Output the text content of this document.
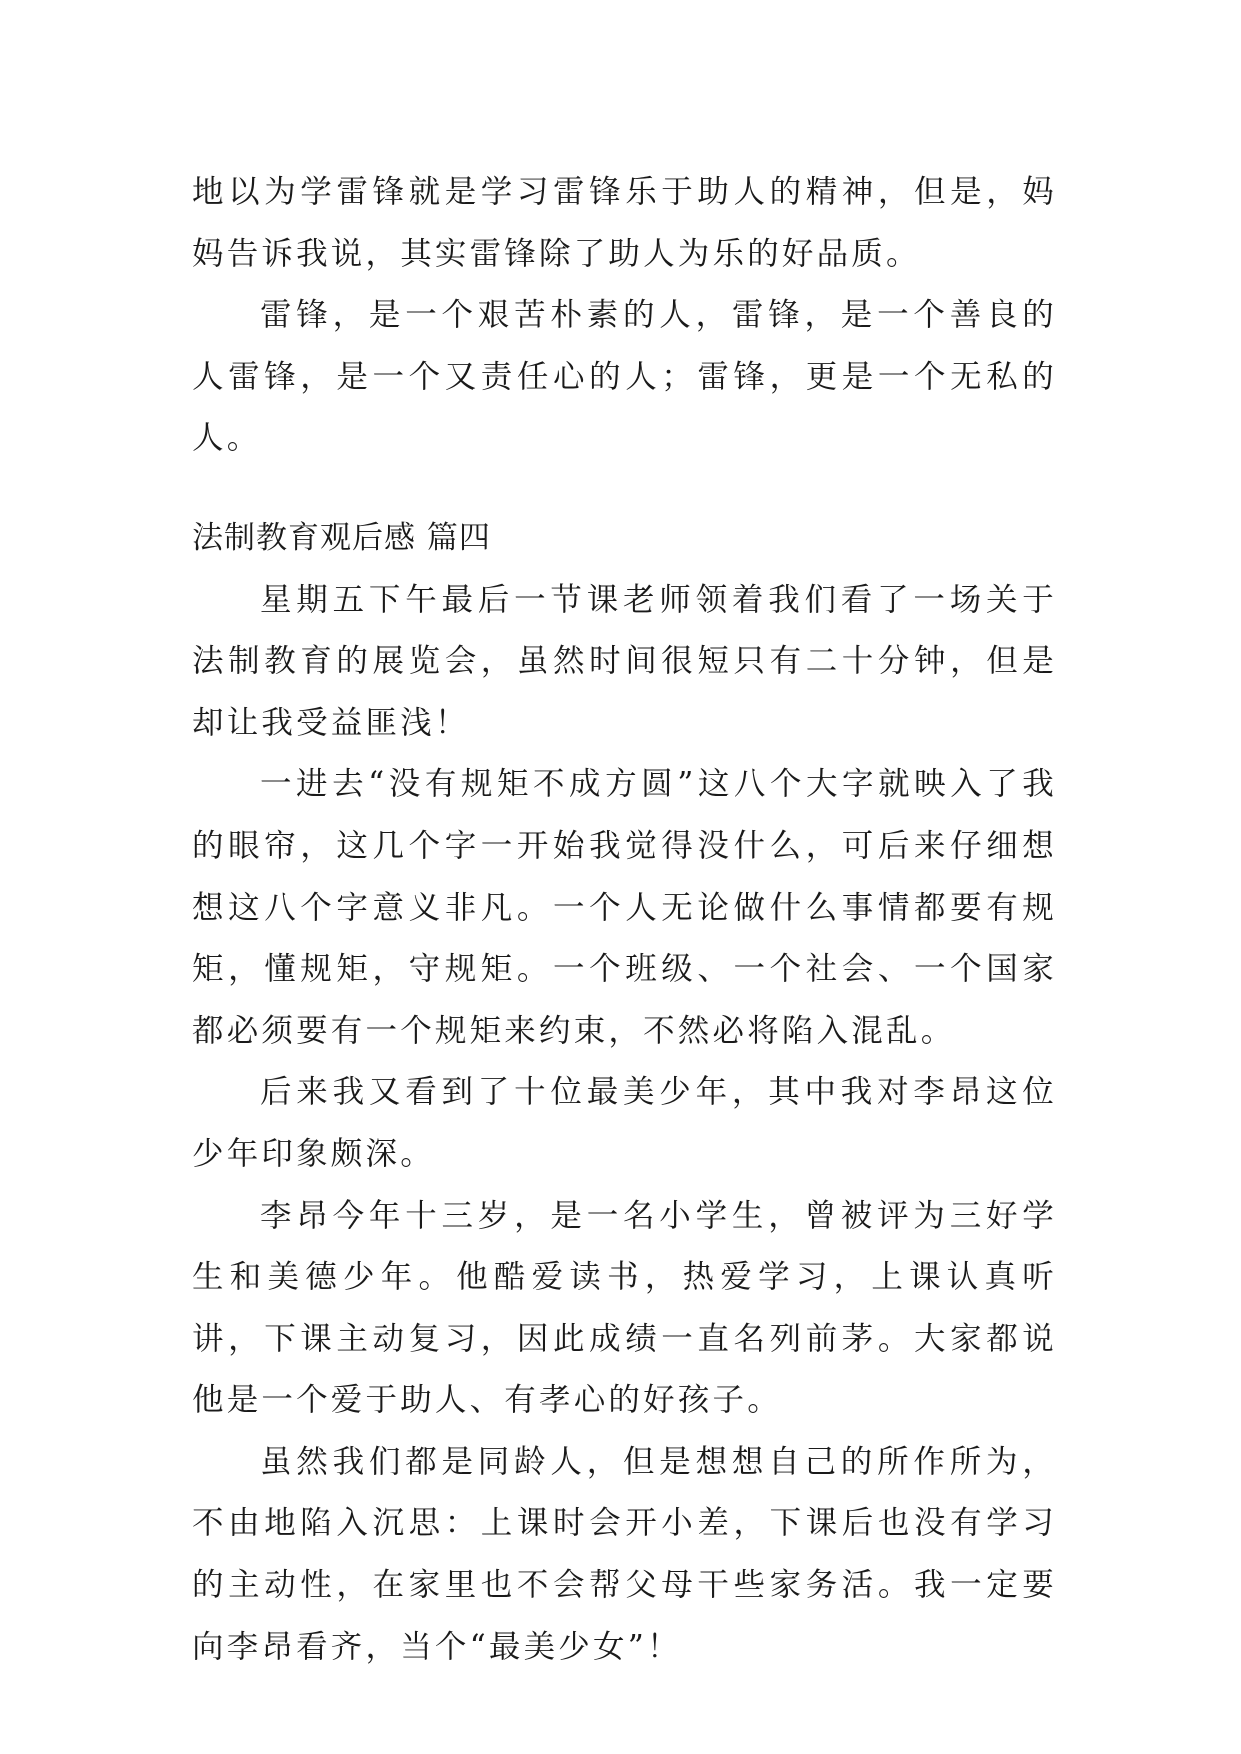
地以为学雷锋就是学习雷锋乐于助人的精神，但是，妈妈告诉我说，其实雷锋除了助人为乐的好品质。

雷锋，是一个艰苦朴素的人，雷锋，是一个善良的人雷锋，是一个又责任心的人；雷锋，更是一个无私的人。

法制教育观后感 篇四

星期五下午最后一节课老师领着我们看了一场关于法制教育的展览会，虽然时间很短只有二十分钟，但是却让我受益匪浅！

一进去“没有规矩不成方圆”这八个大字就映入了我的眼帘，这几个字一开始我觉得没什么，可后来仔细想想这八个字意义非凡。一个人无论做什么事情都要有规矩，懂规矩，守规矩。一个班级、一个社会、一个国家都必须要有一个规矩来约束，不然必将陷入混乱。

后来我又看到了十位最美少年，其中我对李昂这位少年印象颇深。

李昂今年十三岁，是一名小学生，曾被评为三好学生和美德少年。他酷爱读书，热爱学习，上课认真听讲，下课主动复习，因此成绩一直名列前茅。大家都说他是一个爱于助人、有孝心的好孩子。

虽然我们都是同龄人，但是想想自己的所作所为，不由地陷入沉思：上课时会开小差，下课后也没有学习的主动性，在家里也不会帮父母干些家务活。我一定要向李昂看齐，当个“最美少女”！
